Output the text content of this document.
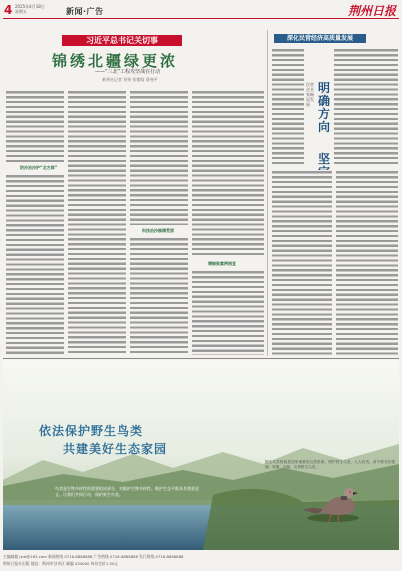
4 2025年4月18日
星期五	新闻·广告	荆州日报
习近平总书记关切事
锦绣北疆绿更浓
——“三北”工程攻坚战在行动
新华社记者 刘伟 张紫晗 薛尧平
防沙治沙护“北方屏”
科技治沙绿满荒原
增绿致富两相宜
深化民营经济高质量发展
明确方向
坚
民营企业家畅谈发展
依法保护野生鸟类
共建美好生态家园
鸟类是生物多样性的重要组成部分，对维护生物多样性、维护生态平衡具有重要意义。让我们共同行动，保护野生鸟类。
野生鸟类资源是国家重要的自然资源，保护野生鸟类，人人有责。请不要非法猎捕、收购、运输、出售野生鸟类。
主编邮箱 jzrb@163.com 新闻热线 0716-8888888 广告热线 0716-8888888 发行热线 0716-8888888
荆州日报社出版 地址：荆州市沙市区 邮编 434000 每份定价1.50元
